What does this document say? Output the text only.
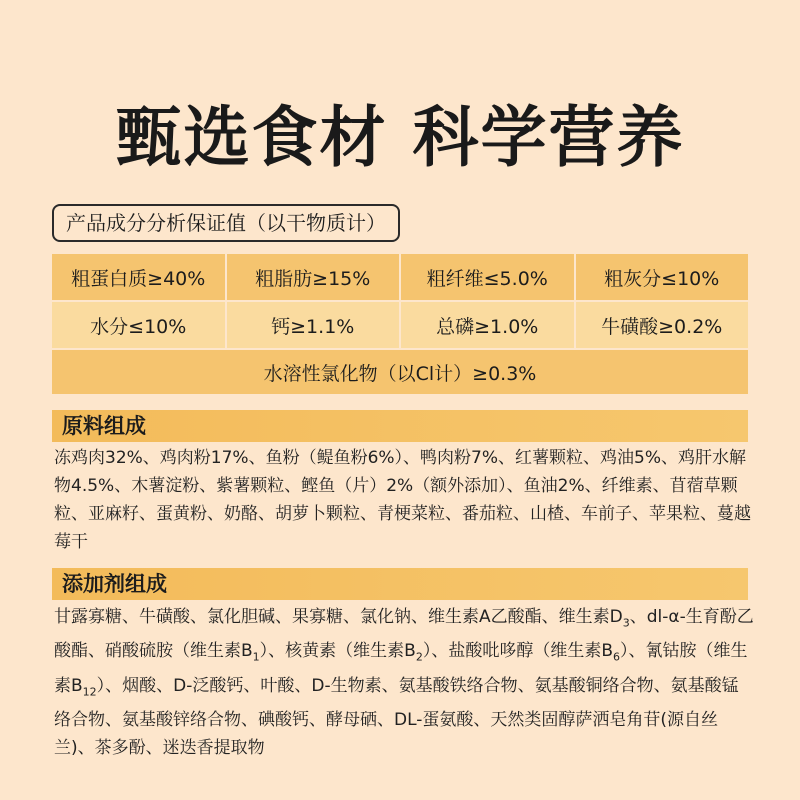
甄选食材 科学营养
产品成分分析保证值（以干物质计）
粗蛋白质≥40%	粗脂肪≥15%	粗纤维≤5.0%	粗灰分≤10%
水分≤10%	钙≥1.1%	总磷≥1.0%	牛磺酸≥0.2%
水溶性氯化物（以Cl计）≥0.3%
原料组成
冻鸡肉32%、鸡肉粉17%、鱼粉（鳀鱼粉6%）、鸭肉粉7%、红薯颗粒、鸡油5%、鸡肝水解物4.5%、木薯淀粉、紫薯颗粒、鲣鱼（片）2%（额外添加）、鱼油2%、纤维素、苜蓿草颗粒、亚麻籽、蛋黄粉、奶酪、胡萝卜颗粒、青梗菜粒、番茄粒、山楂、车前子、苹果粒、蔓越莓干
添加剂组成
甘露寡糖、牛磺酸、氯化胆碱、果寡糖、氯化钠、维生素A乙酸酯、维生素$D_3$、dl-α-生育酚乙酸酯、硝酸硫胺（维生素$B_1$）、核黄素（维生素$B_2$）、盐酸吡哆醇（维生素$B_6$）、氰钴胺（维生素$B_{12}$）、烟酸、D-泛酸钙、叶酸、D-生物素、氨基酸铁络合物、氨基酸铜络合物、氨基酸锰络合物、氨基酸锌络合物、碘酸钙、酵母硒、DL-蛋氨酸、天然类固醇萨洒皂角苷(源自丝兰)、茶多酚、迷迭香提取物
